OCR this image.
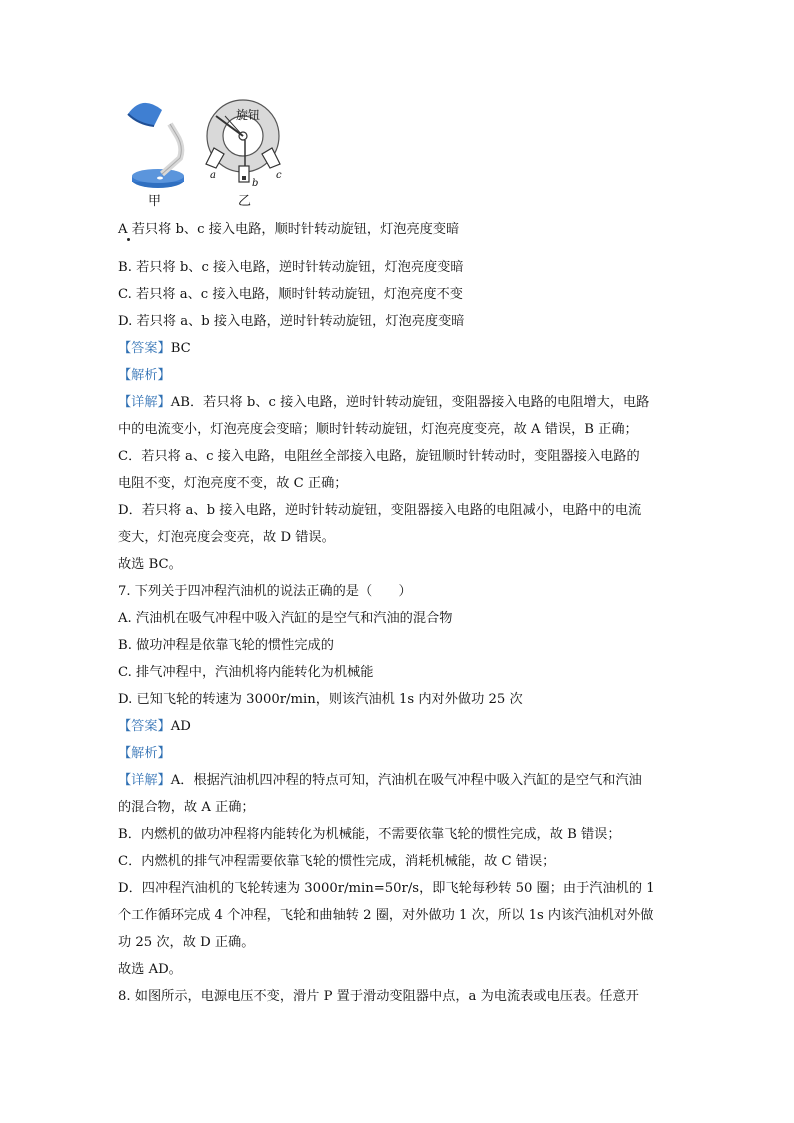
旋钮
a
b
c
甲	乙
A 若只将 b、c 接入电路，顺时针转动旋钮，灯泡亮度变暗
B. 若只将 b、c 接入电路，逆时针转动旋钮，灯泡亮度变暗
C. 若只将 a、c 接入电路，顺时针转动旋钮，灯泡亮度不变
D. 若只将 a、b 接入电路，逆时针转动旋钮，灯泡亮度变暗
【答案】BC
【解析】
【详解】AB．若只将 b、c 接入电路，逆时针转动旋钮，变阻器接入电路的电阻增大，电路
中的电流变小，灯泡亮度会变暗；顺时针转动旋钮，灯泡亮度变亮，故 A 错误，B 正确；
C．若只将 a、c 接入电路，电阻丝全部接入电路，旋钮顺时针转动时，变阻器接入电路的
电阻不变，灯泡亮度不变，故 C 正确；
D．若只将 a、b 接入电路，逆时针转动旋钮，变阻器接入电路的电阻减小，电路中的电流
变大，灯泡亮度会变亮，故 D 错误。
故选 BC。
7. 下列关于四冲程汽油机的说法正确的是（　　）
A. 汽油机在吸气冲程中吸入汽缸的是空气和汽油的混合物
B. 做功冲程是依靠飞轮的惯性完成的
C. 排气冲程中，汽油机将内能转化为机械能
D. 已知飞轮的转速为 3000r/min，则该汽油机 1s 内对外做功 25 次
【答案】AD
【解析】
【详解】A．根据汽油机四冲程的特点可知，汽油机在吸气冲程中吸入汽缸的是空气和汽油
的混合物，故 A 正确；
B．内燃机的做功冲程将内能转化为机械能，不需要依靠飞轮的惯性完成，故 B 错误；
C．内燃机的排气冲程需要依靠飞轮的惯性完成，消耗机械能，故 C 错误；
D．四冲程汽油机的飞轮转速为 3000r/min=50r/s，即飞轮每秒转 50 圈；由于汽油机的 1
个工作循环完成 4 个冲程，飞轮和曲轴转 2 圈，对外做功 1 次，所以 1s 内该汽油机对外做
功 25 次，故 D 正确。
故选 AD。
8. 如图所示，电源电压不变，滑片 P 置于滑动变阻器中点，a 为电流表或电压表。任意开
